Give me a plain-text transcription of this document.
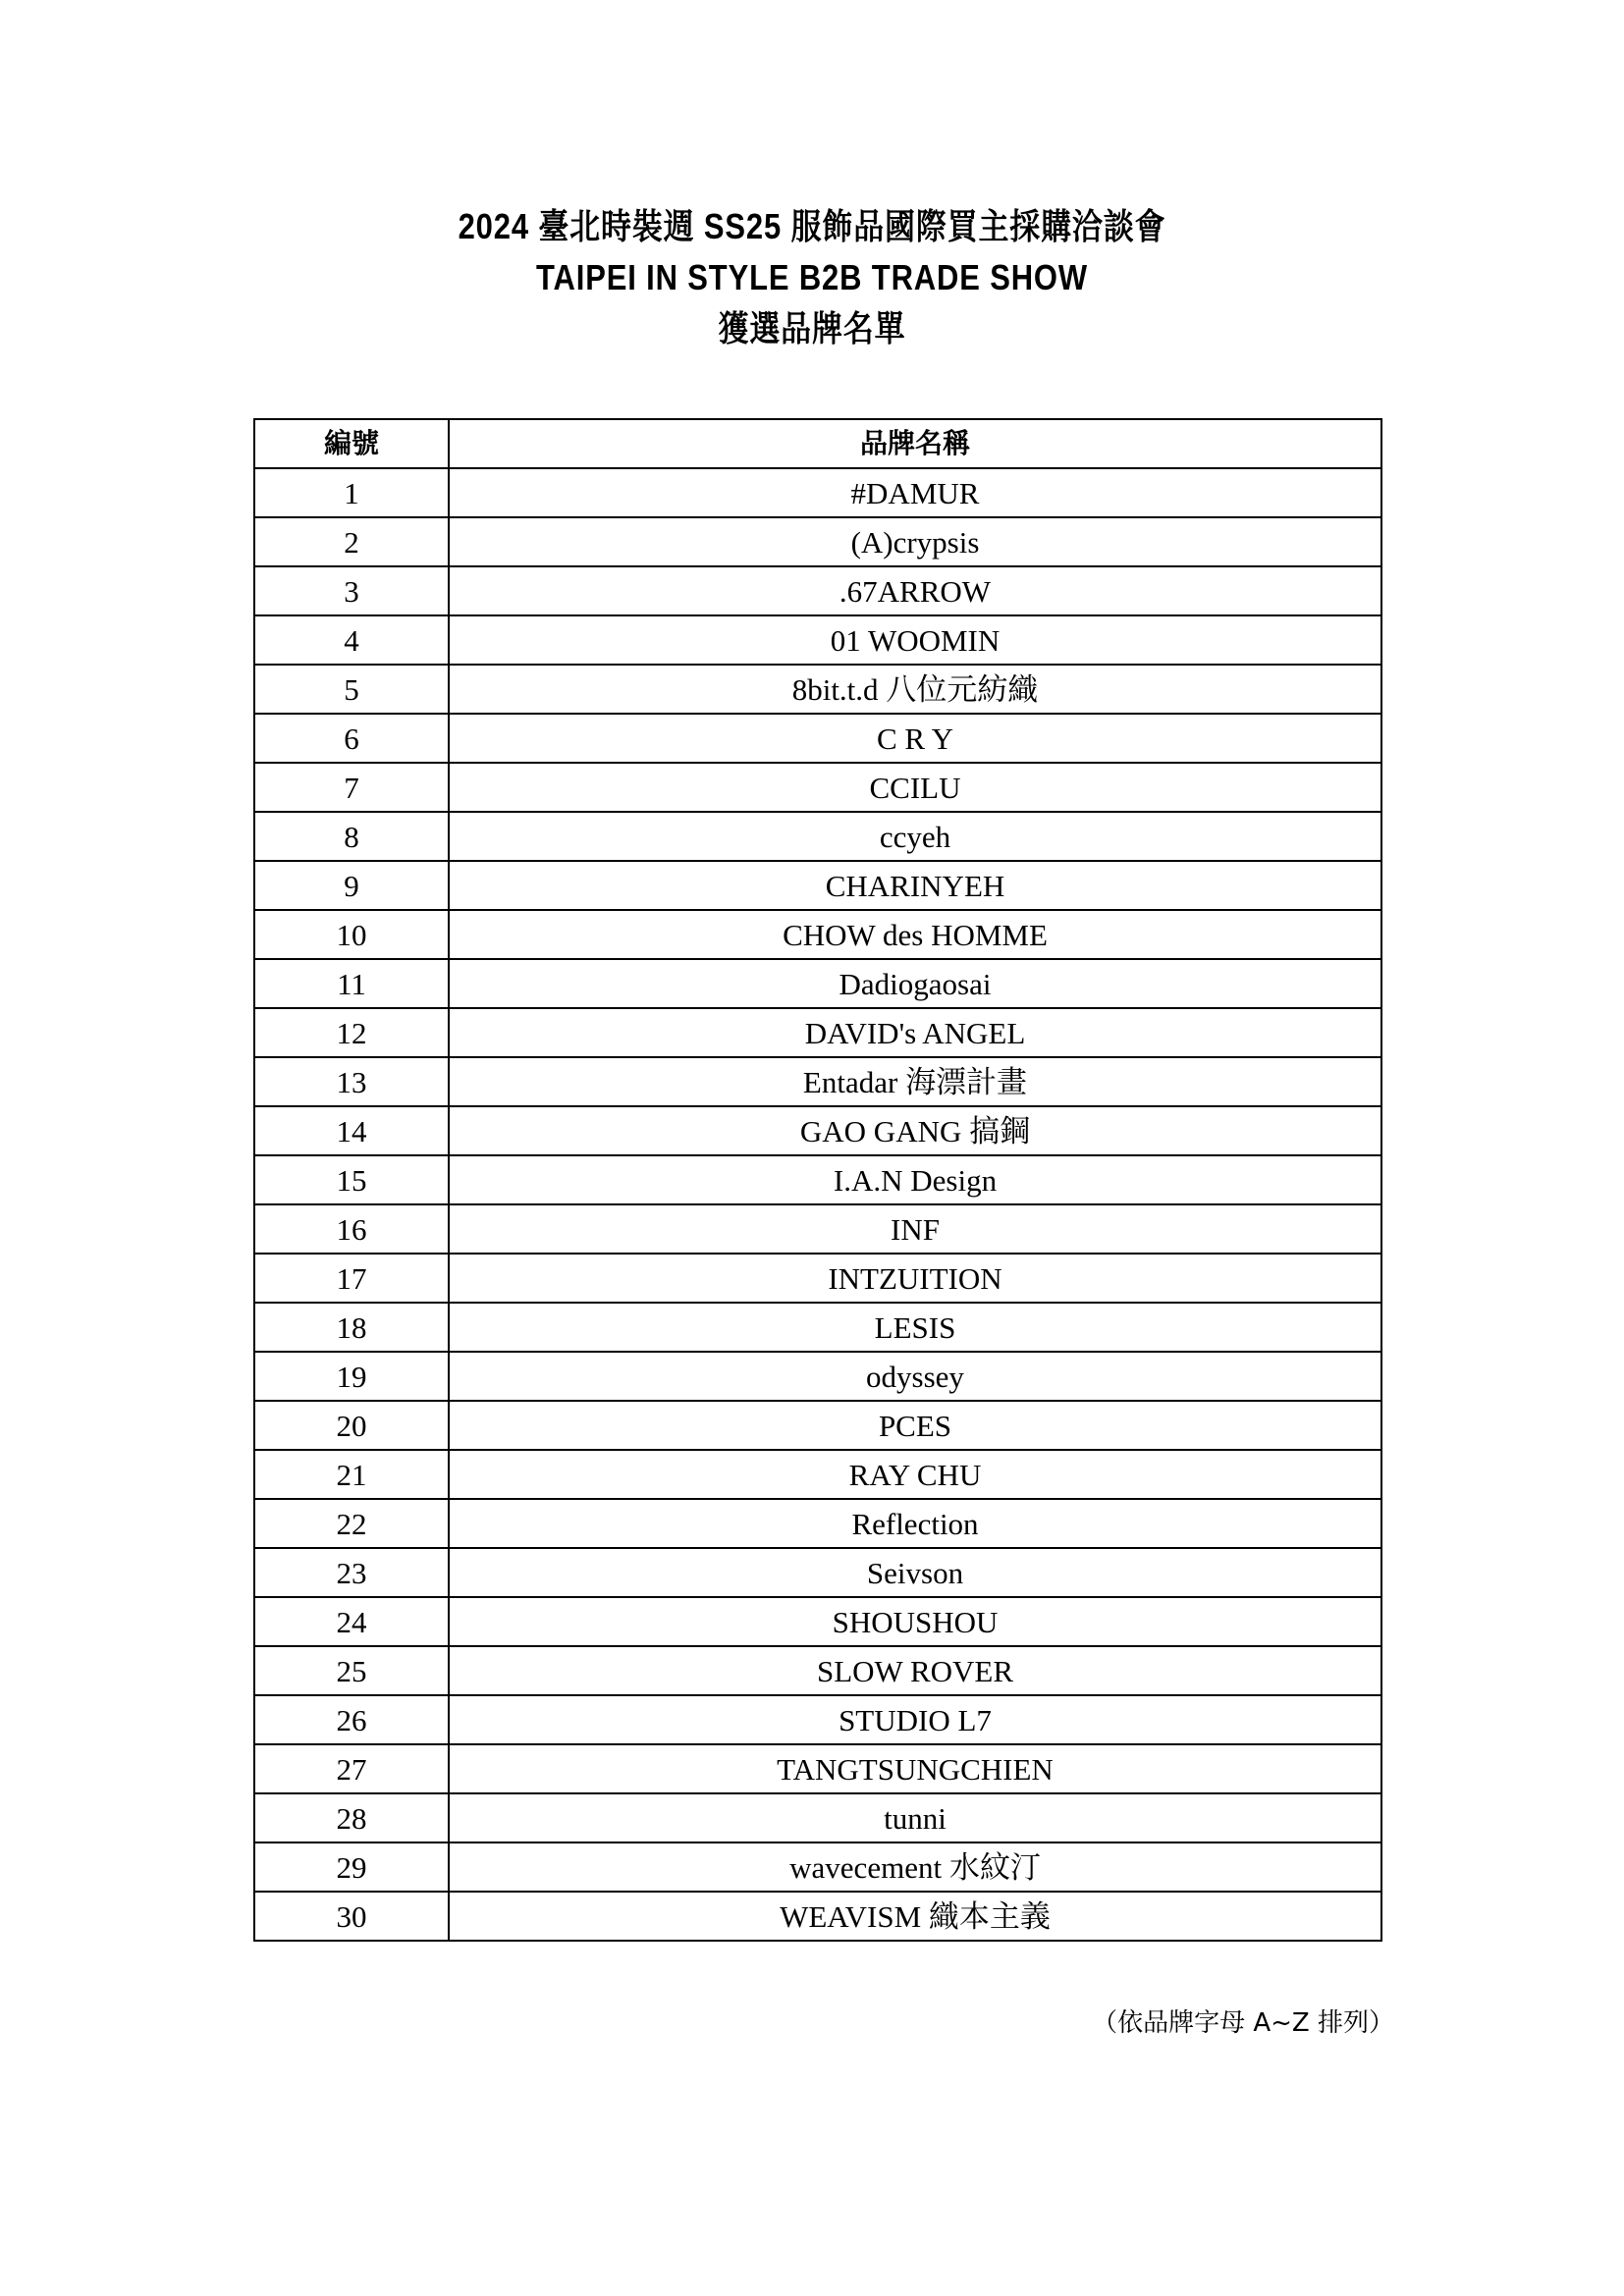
2024 臺北時裝週 SS25 服飾品國際買主採購洽談會
TAIPEI IN STYLE B2B TRADE SHOW
獲選品牌名單
編號	品牌名稱
1	#DAMUR
2	(A)crypsis
3	.67ARROW
4	01 WOOMIN
5	8bit.t.d 八位元紡織
6	C R Y
7	CCILU
8	ccyeh
9	CHARINYEH
10	CHOW des HOMME
11	Dadiogaosai
12	DAVID's ANGEL
13	Entadar 海漂計畫
14	GAO GANG 搞鋼
15	I.A.N Design
16	INF
17	INTZUITION
18	LESIS
19	odyssey
20	PCES
21	RAY CHU
22	Reflection
23	Seivson
24	SHOUSHOU
25	SLOW ROVER
26	STUDIO L7
27	TANGTSUNGCHIEN
28	tunni
29	wavecement 水紋汀
30	WEAVISM 織本主義
（依品牌字母 A~Z 排列）
